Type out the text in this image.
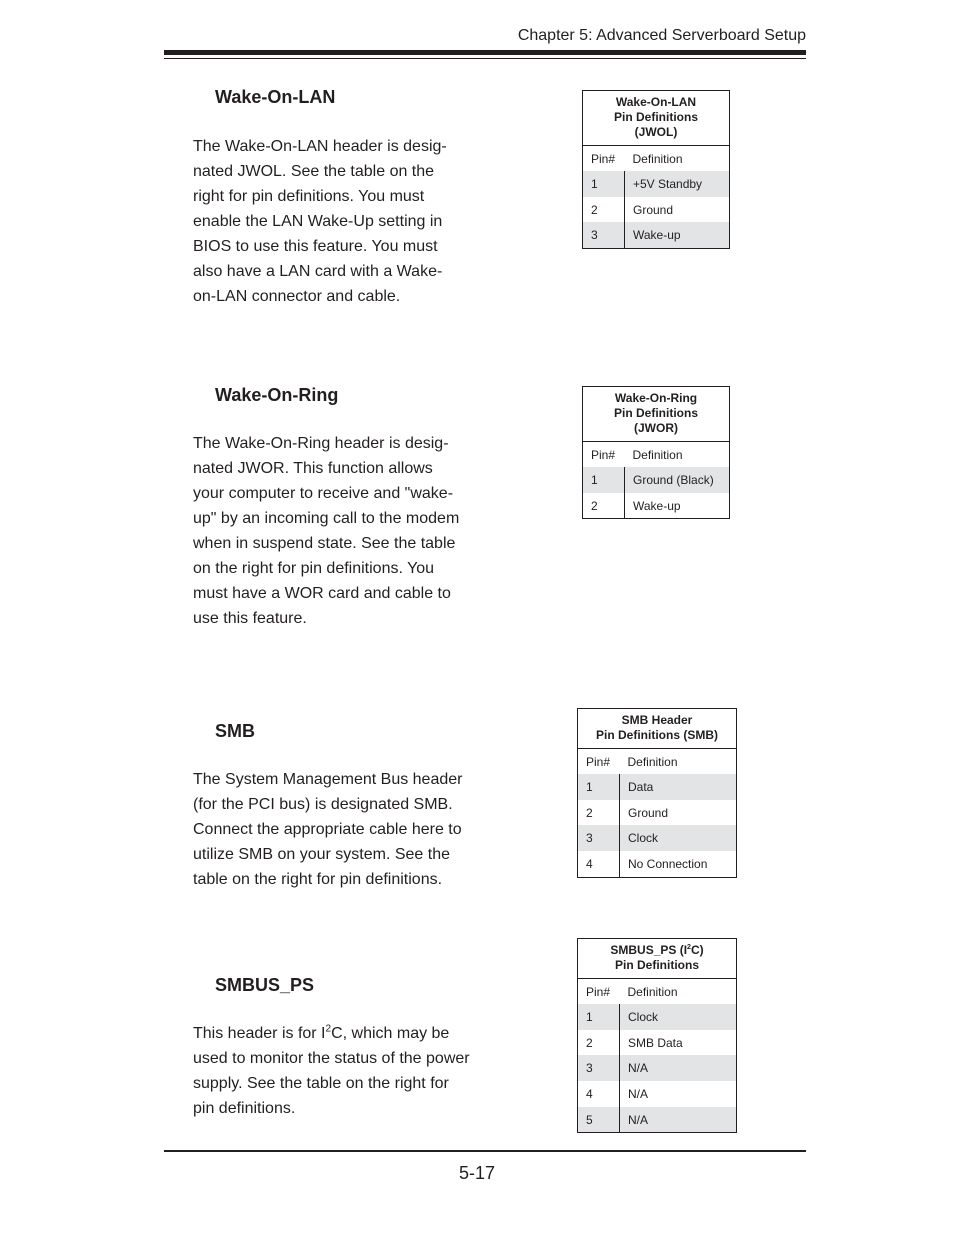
Chapter 5: Advanced Serverboard Setup
Wake-On-LAN
The Wake-On-LAN header is desig-
nated JWOL. See the table on the
right for pin definitions. You must
enable the LAN Wake-Up setting in
BIOS to use this feature. You must
also have a LAN card with a Wake-
on-LAN connector and cable.
Wake-On-LAN
Pin Definitions
(JWOL)	

Pin#	Definition
1	+5V Standby
2	Ground
3	Wake-up
Wake-On-Ring
The Wake-On-Ring header is desig-
nated JWOR. This function allows
your computer to receive and "wake-
up" by an incoming call to the modem
when in suspend state. See the table
on the right for pin definitions. You
must have a WOR card and cable to
use this feature.
Wake-On-Ring
Pin Definitions
(JWOR)	

Pin#	Definition
1	Ground (Black)
2	Wake-up
SMB
The System Management Bus header
(for the PCI bus) is designated SMB.
Connect the appropriate cable here to
utilize SMB on your system. See the
table on the right for pin definitions.
SMB Header
Pin Definitions (SMB)	

Pin#	Definition
1	Data
2	Ground
3	Clock
4	No Connection
SMBUS_PS
This header is for $I^2C$, which may be
used to monitor the status of the power
supply. See the table on the right for
pin definitions.
SMBUS_PS $(I^2C)$
Pin Definitions	

Pin#	Definition
1	Clock
2	SMB Data
3	N/A
4	N/A
5	N/A
5-17
